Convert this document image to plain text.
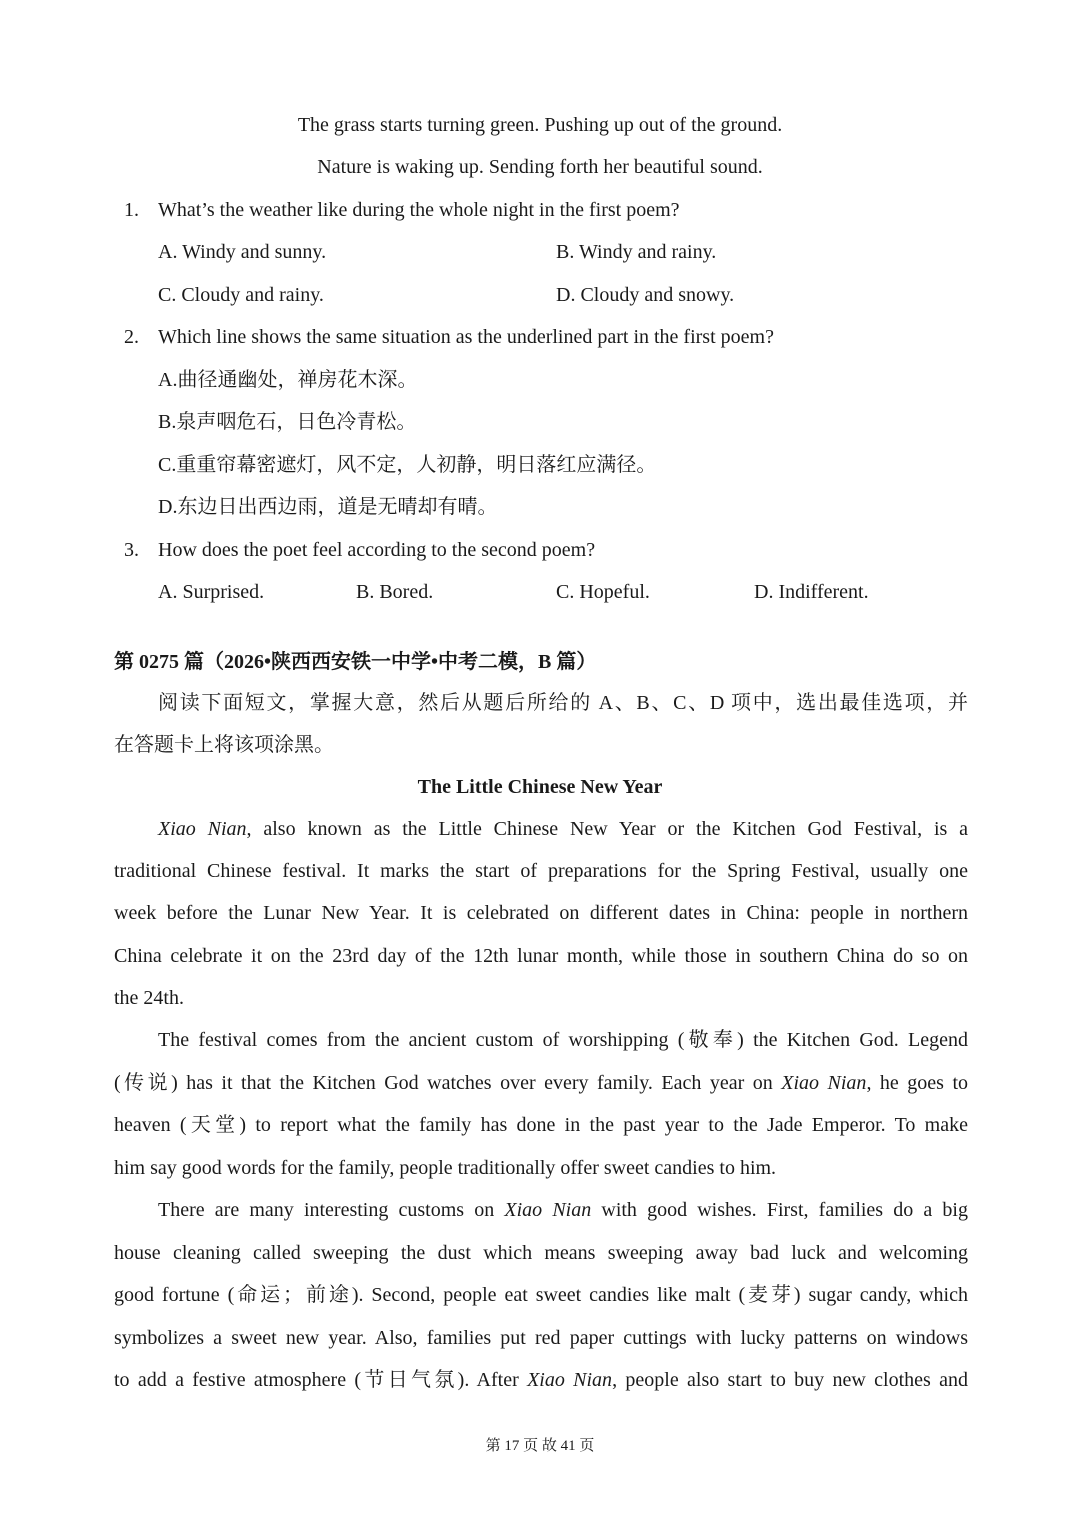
The grass starts turning green. Pushing up out of the ground.

Nature is waking up. Sending forth her beautiful sound.

1. What’s the weather like during the whole night in the first poem?

A. Windy and sunny.	B. Windy and rainy.

C. Cloudy and rainy.	D. Cloudy and snowy.

2. Which line shows the same situation as the underlined part in the first poem?

A.曲径通幽处，禅房花木深。

B.泉声咽危石，日色冷青松。

C.重重帘幕密遮灯，风不定，人初静，明日落红应满径。

D.东边日出西边雨，道是无晴却有晴。

3. How does the poet feel according to the second poem?

A. Surprised.	B. Bored.	C. Hopeful.	D. Indifferent.

第 0275 篇（2026•陕西西安铁一中学•中考二模，B 篇）

阅读下面短文，掌握大意，然后从题后所给的 A、B、C、D 项中，选出最佳选项，并

在答题卡上将该项涂黑。

The Little Chinese New Year

Xiao Nian, also known as the Little Chinese New Year or the Kitchen God Festival, is a

traditional Chinese festival. It marks the start of preparations for the Spring Festival, usually one

week before the Lunar New Year. It is celebrated on different dates in China: people in northern

China celebrate it on the 23rd day of the 12th lunar month, while those in southern China do so on

the 24th.

The festival comes from the ancient custom of worshipping (敬奉) the Kitchen God. Legend

(传说) has it that the Kitchen God watches over every family. Each year on Xiao Nian, he goes to

heaven (天堂) to report what the family has done in the past year to the Jade Emperor. To make

him say good words for the family, people traditionally offer sweet candies to him.

There are many interesting customs on Xiao Nian with good wishes. First, families do a big

house cleaning called sweeping the dust which means sweeping away bad luck and welcoming

good fortune (命运；前途). Second, people eat sweet candies like malt (麦芽) sugar candy, which

symbolizes a sweet new year. Also, families put red paper cuttings with lucky patterns on windows

to add a festive atmosphere (节日气氛). After Xiao Nian, people also start to buy new clothes and

第 17 页 故 41 页
